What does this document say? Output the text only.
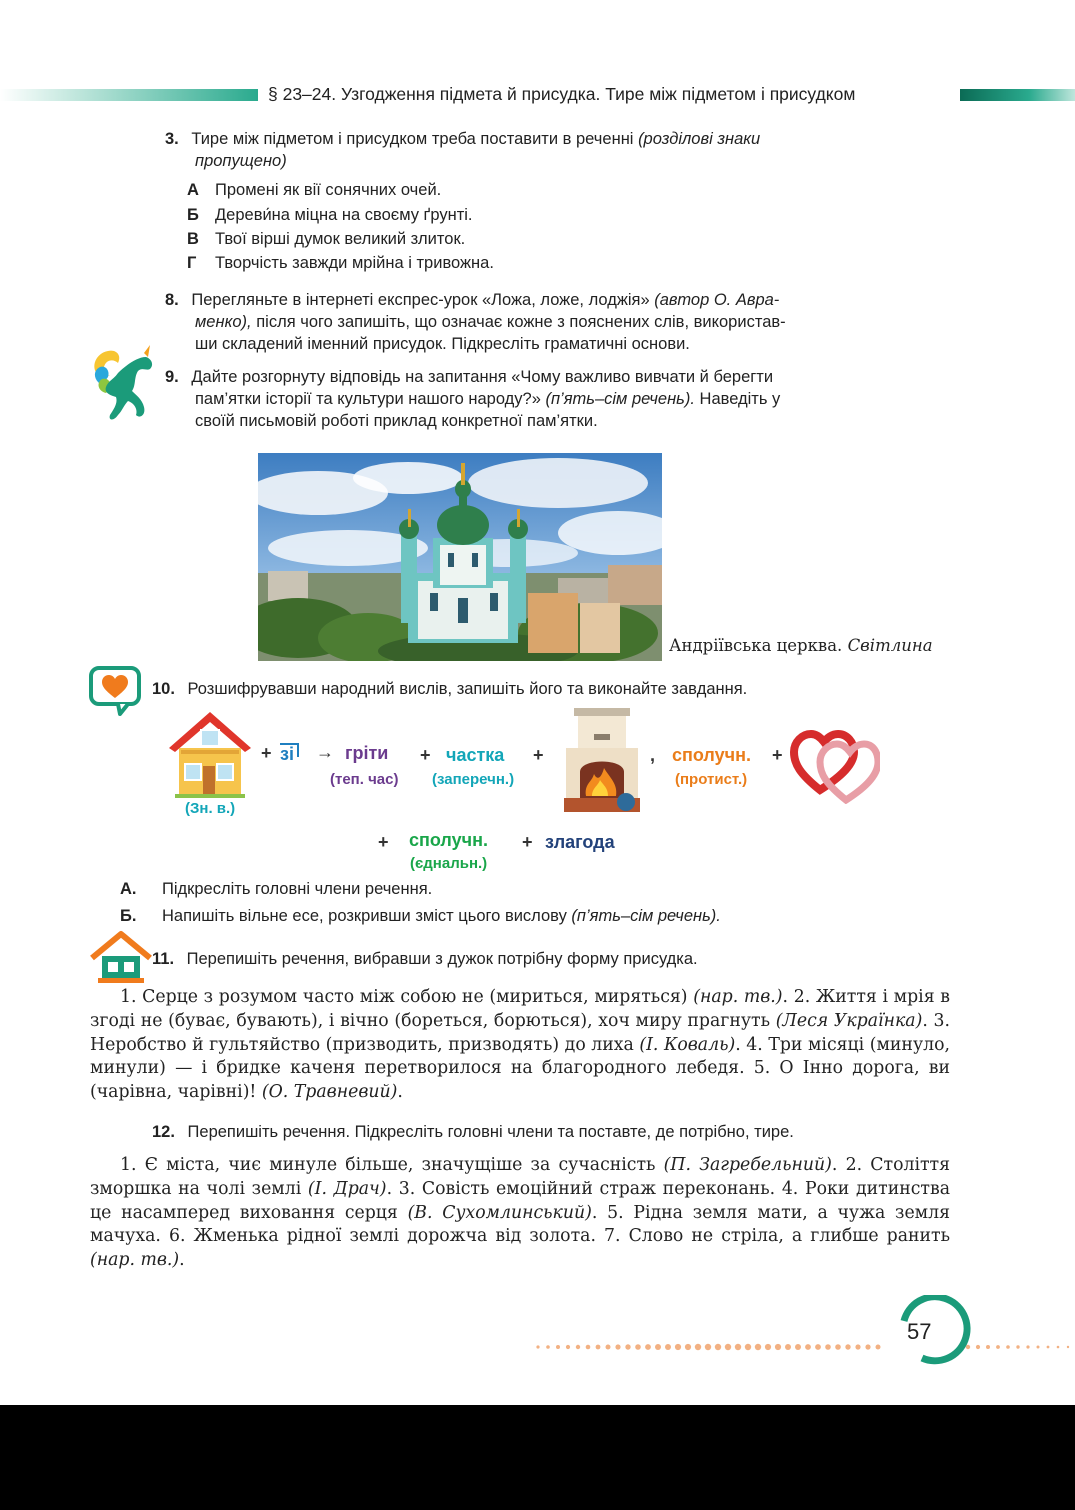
§ 23–24. Узгодження підмета й присудка. Тире між підметом і присудком
3. Тире між підметом і присудком треба поставити в реченні (розділові знаки
пропущено)
А Промені як вії сонячних очей.
Б Дереви́на міцна на своєму ґрунті.
В Твої вірші думок великий злиток.
Г Творчість завжди мрійна і тривожна.
8. Перегляньте в інтернеті експрес-урок «Ложа, ложе, лоджія» (автор О. Авра-
менко), після чого запишіть, що означає кожне з пояснених слів, використав-
ши складений іменний присудок. Підкресліть граматичні основи.
9. Дайте розгорнуту відповідь на запитання «Чому важливо вивчати й берегти
пам’ятки історії та культури нашого народу?» (п’ять–сім речень). Наведіть у
своїй письмовій роботі приклад конкретної пам’ятки.
Андріївська церква. Світлина
10. Розшифрувавши народний вислів, запишіть його та виконайте завдання.
(Зн. в.)
+ зі → гріти
(теп. час)
+ частка
(заперечн.)
+	, сполучн.
(протист.)
+
+ сполучн.
(єднальн.)
+ злагода
А. Підкресліть головні члени речення.
Б. Напишіть вільне есе, розкривши зміст цього вислову (п’ять–сім речень).
11. Перепишіть речення, вибравши з дужок потрібну форму присудка.
1. Серце з розумом часто між собою не (мириться, миряться) (нар. тв.). 2. Життя і мрія в згоді не (буває, бувають), і вічно (бореться, борються), хоч миру прагнуть (Леся Українка). 3. Неробство й гультяйство (призводить, призводять) до лиха (І. Коваль). 4. Три місяці (минуло, минули) — і бридке каченя перетворилося на благородного лебедя. 5. О Інно дорога, ви (чарівна, чарівні)! (О. Травневий).
12. Перепишіть речення. Підкресліть головні члени та поставте, де потрібно, тире.
1. Є міста, чиє минуле більше, значущіше за сучасність (П. Загребельний). 2. Століття зморшка на чолі землі (І. Драч). 3. Совість емоційний страж переконань. 4. Роки дитинства це насамперед виховання серця (В. Сухомлинський). 5. Рідна земля мати, а чужа земля мачуха. 6. Жменька рідної землі дорожча від золота. 7. Слово не стріла, а глибше ранить (нар. тв.).
57
